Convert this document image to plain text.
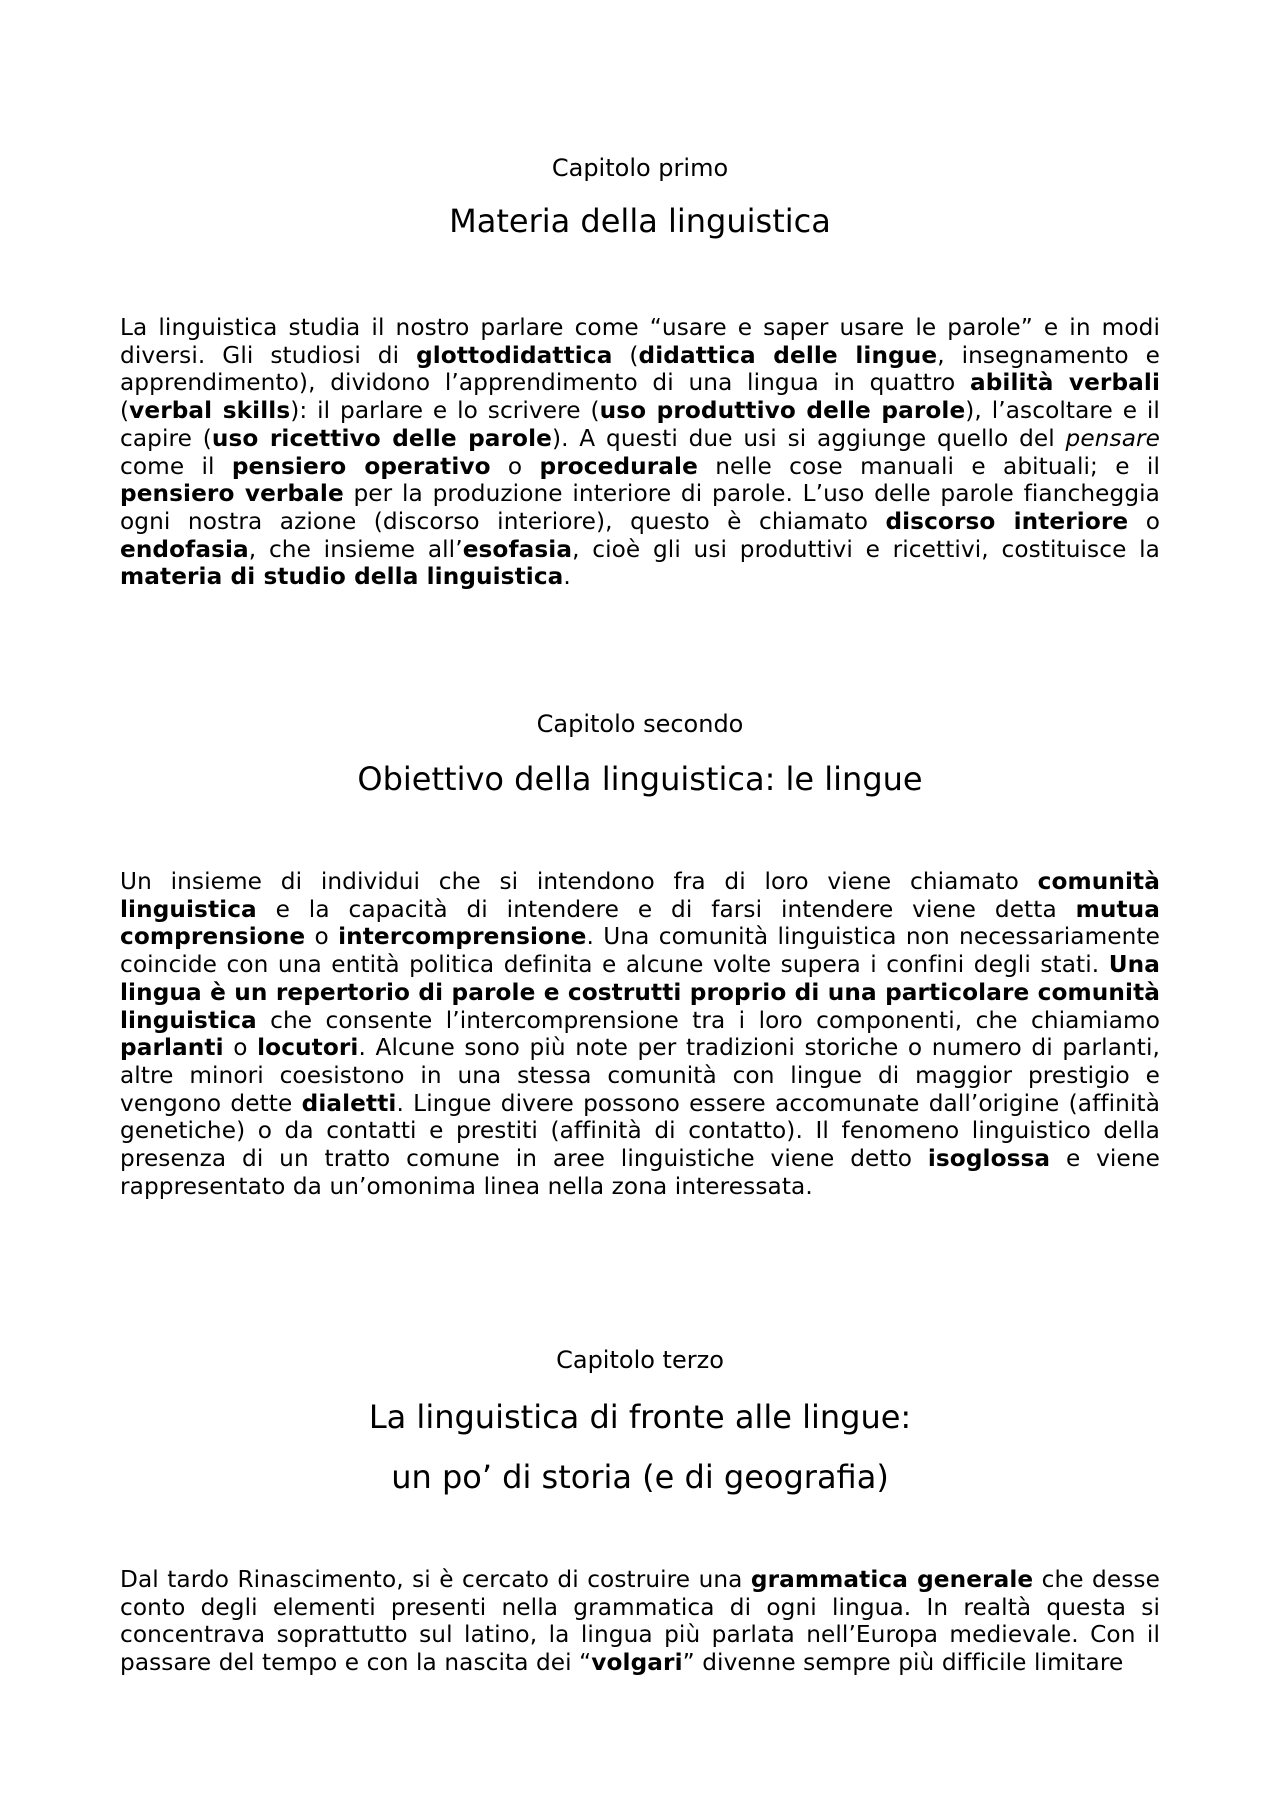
Capitolo primo
Materia della linguistica
La linguistica studia il nostro parlare come “usare e saper usare le parole” e in modi diversi. Gli studiosi di glottodidattica (didattica delle lingue, insegnamento e apprendimento), dividono l’apprendimento di una lingua in quattro abilità verbali (verbal skills): il parlare e lo scrivere (uso produttivo delle parole), l’ascoltare e il capire (uso ricettivo delle parole). A questi due usi si aggiunge quello del pensare come il pensiero operativo o procedurale nelle cose manuali e abituali; e il pensiero verbale per la produzione interiore di parole. L’uso delle parole fiancheggia ogni nostra azione (discorso interiore), questo è chiamato discorso interiore o endofasia, che insieme all’esofasia, cioè gli usi produttivi e ricettivi, costituisce la materia di studio della linguistica.
Capitolo secondo
Obiettivo della linguistica: le lingue
Un insieme di individui che si intendono fra di loro viene chiamato comunità linguistica e la capacità di intendere e di farsi intendere viene detta mutua comprensione o intercomprensione. Una comunità linguistica non necessariamente coincide con una entità politica definita e alcune volte supera i confini degli stati. Una lingua è un repertorio di parole e costrutti proprio di una particolare comunità linguistica che consente l’intercomprensione tra i loro componenti, che chiamiamo parlanti o locutori. Alcune sono più note per tradizioni storiche o numero di parlanti, altre minori coesistono in una stessa comunità con lingue di maggior prestigio e vengono dette dialetti. Lingue divere possono essere accomunate dall’origine (affinità genetiche) o da contatti e prestiti (affinità di contatto). Il fenomeno linguistico della presenza di un tratto comune in aree linguistiche viene detto isoglossa e viene rappresentato da un’omonima linea nella zona interessata.
Capitolo terzo
La linguistica di fronte alle lingue:
un po’ di storia (e di geografia)
Dal tardo Rinascimento, si è cercato di costruire una grammatica generale che desse conto degli elementi presenti nella grammatica di ogni lingua. In realtà questa si concentrava soprattutto sul latino, la lingua più parlata nell’Europa medievale. Con il passare del tempo e con la nascita dei “volgari” divenne sempre più difficile limitare
